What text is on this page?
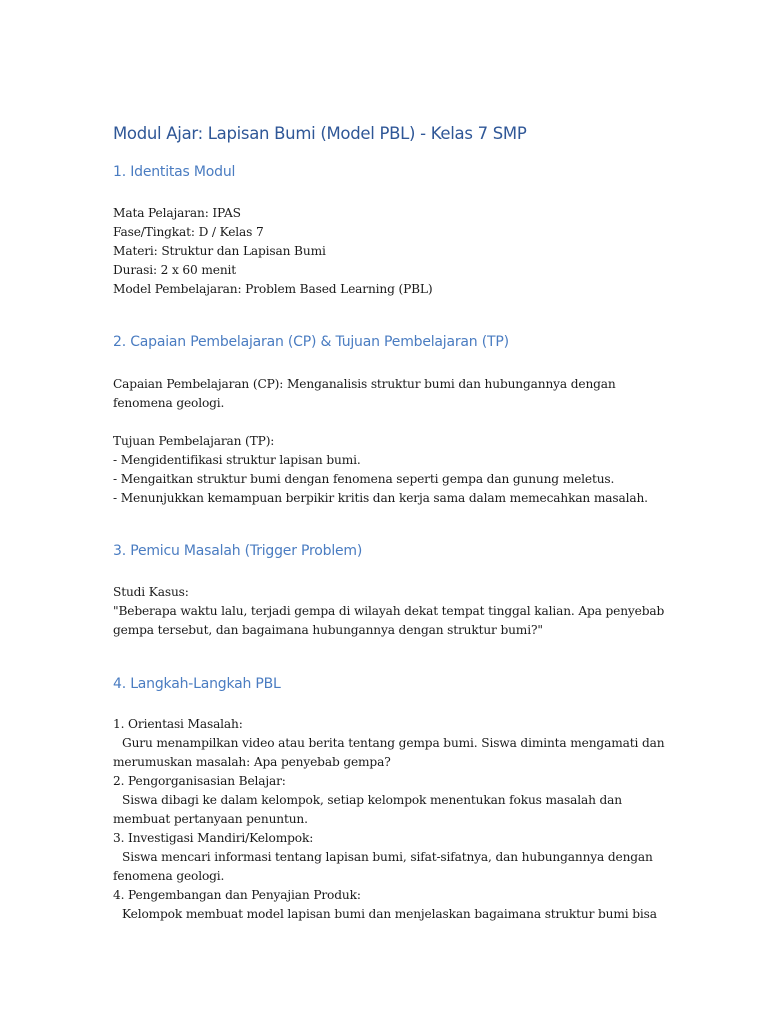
Modul Ajar: Lapisan Bumi (Model PBL) - Kelas 7 SMP
1. Identitas Modul
Mata Pelajaran: IPAS
Fase/Tingkat: D / Kelas 7
Materi: Struktur dan Lapisan Bumi
Durasi: 2 x 60 menit
Model Pembelajaran: Problem Based Learning (PBL)
2. Capaian Pembelajaran (CP) & Tujuan Pembelajaran (TP)
Capaian Pembelajaran (CP): Menganalisis struktur bumi dan hubungannya dengan
fenomena geologi.
Tujuan Pembelajaran (TP):
- Mengidentifikasi struktur lapisan bumi.
- Mengaitkan struktur bumi dengan fenomena seperti gempa dan gunung meletus.
- Menunjukkan kemampuan berpikir kritis dan kerja sama dalam memecahkan masalah.
3. Pemicu Masalah (Trigger Problem)
Studi Kasus:
"Beberapa waktu lalu, terjadi gempa di wilayah dekat tempat tinggal kalian. Apa penyebab
gempa tersebut, dan bagaimana hubungannya dengan struktur bumi?"
4. Langkah-Langkah PBL
1. Orientasi Masalah:
Guru menampilkan video atau berita tentang gempa bumi. Siswa diminta mengamati dan
merumuskan masalah: Apa penyebab gempa?
2. Pengorganisasian Belajar:
Siswa dibagi ke dalam kelompok, setiap kelompok menentukan fokus masalah dan
membuat pertanyaan penuntun.
3. Investigasi Mandiri/Kelompok:
Siswa mencari informasi tentang lapisan bumi, sifat-sifatnya, dan hubungannya dengan
fenomena geologi.
4. Pengembangan dan Penyajian Produk:
Kelompok membuat model lapisan bumi dan menjelaskan bagaimana struktur bumi bisa
